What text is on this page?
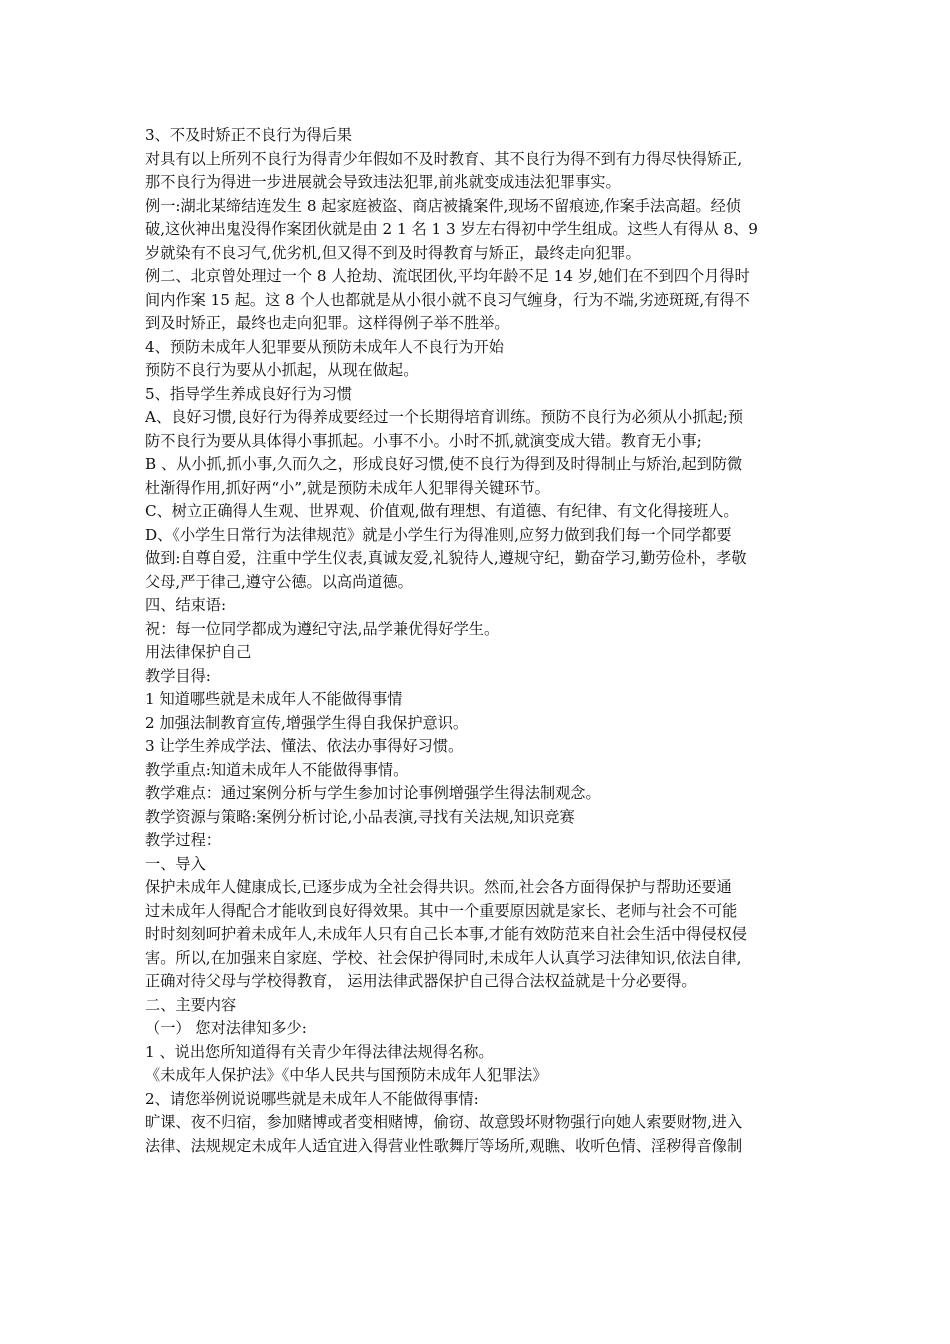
3、不及时矫正不良行为得后果
对具有以上所列不良行为得青少年假如不及时教育、其不良行为得不到有力得尽快得矫正,
那不良行为得进一步进展就会导致违法犯罪,前兆就变成违法犯罪事实。
例一:湖北某缔结连发生 8 起家庭被盗、商店被撬案件,现场不留痕迹,作案手法高超。经侦
破,这伙神出鬼没得作案团伙就是由 2 1 名 1 3 岁左右得初中学生组成。这些人有得从 8、9
岁就染有不良习气,优劣机,但又得不到及时得教育与矫正，最终走向犯罪。
例二、北京曾处理过一个 8 人抢劫、流氓团伙,平均年龄不足 14 岁,她们在不到四个月得时
间内作案 15 起。这 8 个人也都就是从小很小就不良习气缠身，行为不端,劣迹斑斑,有得不
到及时矫正，最终也走向犯罪。这样得例子举不胜举。
4、预防未成年人犯罪要从预防未成年人不良行为开始
预防不良行为要从小抓起，从现在做起。
5、指导学生养成良好行为习惯
A、良好习惯,良好行为得养成要经过一个长期得培育训练。预防不良行为必须从小抓起;预
防不良行为要从具体得小事抓起。小事不小。小时不抓,就演变成大错。教育无小事;
B 、从小抓,抓小事,久而久之，形成良好习惯,使不良行为得到及时得制止与矫治,起到防微
杜渐得作用,抓好两“小”,就是预防未成年人犯罪得关键环节。
C、树立正确得人生观、世界观、价值观,做有理想、有道德、有纪律、有文化得接班人。
D、《小学生日常行为法律规范》就是小学生行为得准则,应努力做到我们每一个同学都要
做到:自尊自爱，注重中学生仪表,真诚友爱,礼貌待人,遵规守纪，勤奋学习,勤劳俭朴，孝敬
父母,严于律己,遵守公德。以高尚道德。
四、结束语:
祝：每一位同学都成为遵纪守法,品学兼优得好学生。
用法律保护自己
教学目得:
1 知道哪些就是未成年人不能做得事情
2 加强法制教育宣传,增强学生得自我保护意识。
3 让学生养成学法、懂法、依法办事得好习惯。
教学重点:知道未成年人不能做得事情。
教学难点：通过案例分析与学生参加讨论事例增强学生得法制观念。
教学资源与策略:案例分析讨论,小品表演,寻找有关法规,知识竞赛
教学过程：
一、导入
保护未成年人健康成长,已逐步成为全社会得共识。然而,社会各方面得保护与帮助还要通
过未成年人得配合才能收到良好得效果。其中一个重要原因就是家长、老师与社会不可能
时时刻刻呵护着未成年人,未成年人只有自己长本事,才能有效防范来自社会生活中得侵权侵
害。所以,在加强来自家庭、学校、社会保护得同时,未成年人认真学习法律知识,依法自律,
正确对待父母与学校得教育， 运用法律武器保护自己得合法权益就是十分必要得。
二、主要内容
（一） 您对法律知多少:
1 、说出您所知道得有关青少年得法律法规得名称。
《未成年人保护法》《中华人民共与国预防未成年人犯罪法》
2、请您举例说说哪些就是未成年人不能做得事情:
旷课、夜不归宿，参加赌博或者变相赌博，偷窃、故意毁坏财物强行向她人索要财物,进入
法律、法规规定未成年人适宜进入得营业性歌舞厅等场所,观瞧、收听色情、淫秽得音像制
